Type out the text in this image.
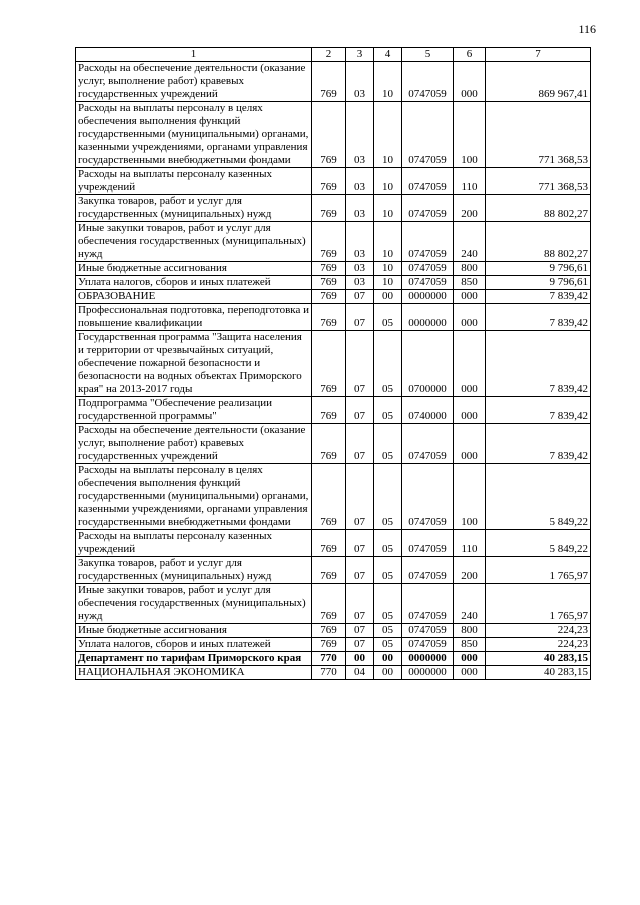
116
1	2	3	4	5	6	7
Расходы на обеспечение деятельности (оказание услуг, выполнение работ) кравевых государственных учреждений	769	03	10	0747059	000	869 967,41
Расходы на выплаты персоналу в целях обеспечения выполнения функций государственными (муниципальными) органами, казенными учреждениями, органами управления государственными внебюджетными фондами	769	03	10	0747059	100	771 368,53
Расходы на выплаты персоналу казенных учреждений	769	03	10	0747059	110	771 368,53
Закупка товаров, работ и услуг для государственных (муниципальных) нужд	769	03	10	0747059	200	88 802,27
Иные закупки товаров, работ и услуг для обеспечения государственных (муниципальных) нужд	769	03	10	0747059	240	88 802,27
Иные бюджетные ассигнования	769	03	10	0747059	800	9 796,61
Уплата налогов, сборов и иных платежей	769	03	10	0747059	850	9 796,61
ОБРАЗОВАНИЕ	769	07	00	0000000	000	7 839,42
Профессиональная подготовка, переподготовка и повышение квалификации	769	07	05	0000000	000	7 839,42
Государственная программа "Защита населения и территории от чрезвычайных ситуаций, обеспечение пожарной безопасности и безопасности на водных объектах Приморского края" на 2013-2017 годы	769	07	05	0700000	000	7 839,42
Подпрограмма "Обеспечение реализации государственной программы"	769	07	05	0740000	000	7 839,42
Расходы на обеспечение деятельности (оказание услуг, выполнение работ) кравевых государственных учреждений	769	07	05	0747059	000	7 839,42
Расходы на выплаты персоналу в целях обеспечения выполнения функций государственными (муниципальными) органами, казенными учреждениями, органами управления государственными внебюджетными фондами	769	07	05	0747059	100	5 849,22
Расходы на выплаты персоналу казенных учреждений	769	07	05	0747059	110	5 849,22
Закупка товаров, работ и услуг для государственных (муниципальных) нужд	769	07	05	0747059	200	1 765,97
Иные закупки товаров, работ и услуг для обеспечения государственных (муниципальных) нужд	769	07	05	0747059	240	1 765,97
Иные бюджетные ассигнования	769	07	05	0747059	800	224,23
Уплата налогов, сборов и иных платежей	769	07	05	0747059	850	224,23
Департамент по тарифам Приморского края	770	00	00	0000000	000	40 283,15
НАЦИОНАЛЬНАЯ ЭКОНОМИКА	770	04	00	0000000	000	40 283,15
